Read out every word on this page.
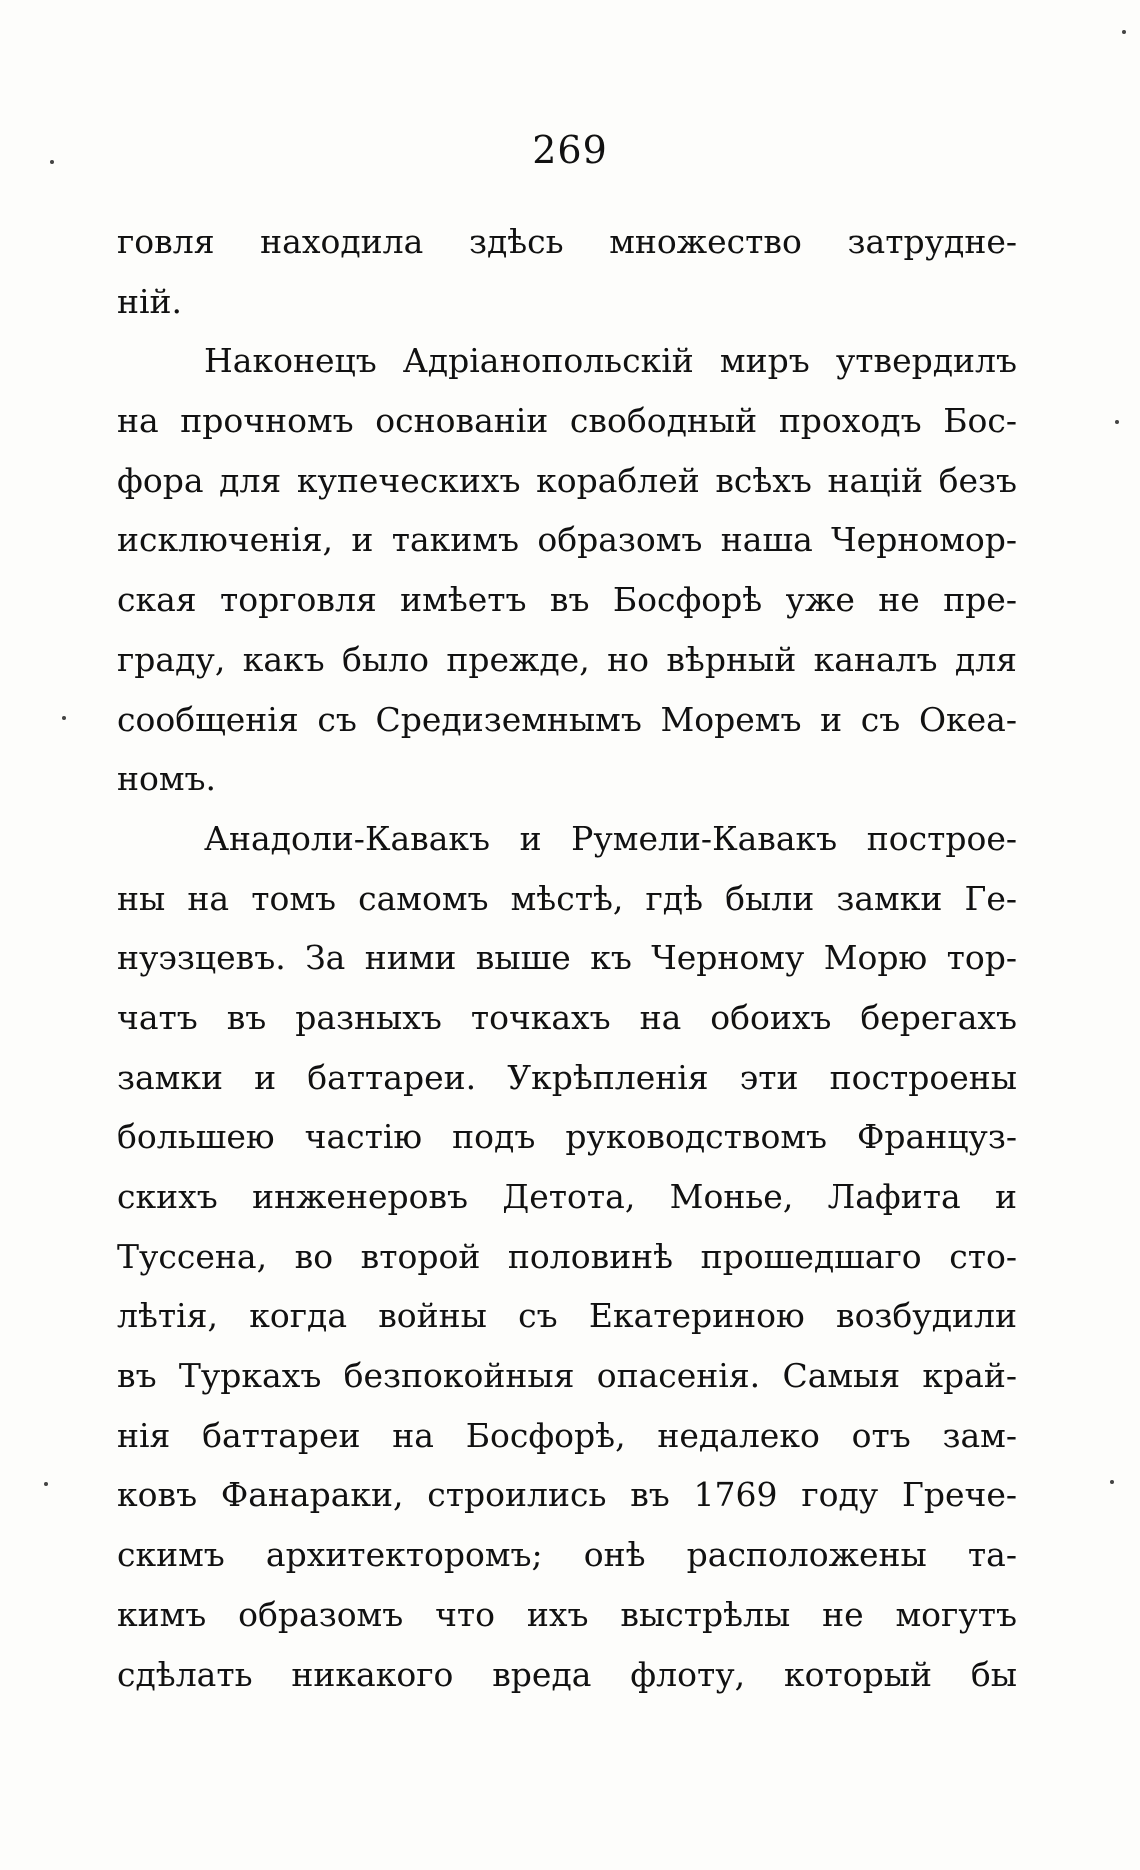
269
говля находила здѣсь множество затрудне-
нiй.
Наконецъ Адрiанопольскiй миръ утвердилъ
на прочномъ основанiи свободный проходъ Бос-
фора для купеческихъ кораблей всѣхъ нацiй безъ
исключенiя, и такимъ образомъ наша Черномор-
ская торговля имѣетъ въ Босфорѣ уже не пре-
граду, какъ было прежде, но вѣрный каналъ для
сообщенiя съ Средиземнымъ Моремъ и съ Океа-
номъ.
Анадоли-Кавакъ и Румели-Кавакъ построе-
ны на томъ самомъ мѣстѣ, гдѣ были замки Ге-
нуэзцевъ. За ними выше къ Черному Морю тор-
чатъ въ разныхъ точкахъ на обоихъ берегахъ
замки и баттареи. Укрѣпленiя эти построены
большею частiю подъ руководствомъ Француз-
скихъ инженеровъ Детота, Монье, Лафита и
Туссена, во второй половинѣ прошедшаго сто-
лѣтiя, когда войны съ Екатериною возбудили
въ Туркахъ безпокойныя опасенiя. Самыя край-
нiя баттареи на Босфорѣ, недалеко отъ зам-
ковъ Фанараки, строились въ 1769 году Грече-
скимъ архитекторомъ; онѣ расположены та-
кимъ образомъ что ихъ выстрѣлы не могутъ
сдѣлать никакого вреда флоту, который бы
